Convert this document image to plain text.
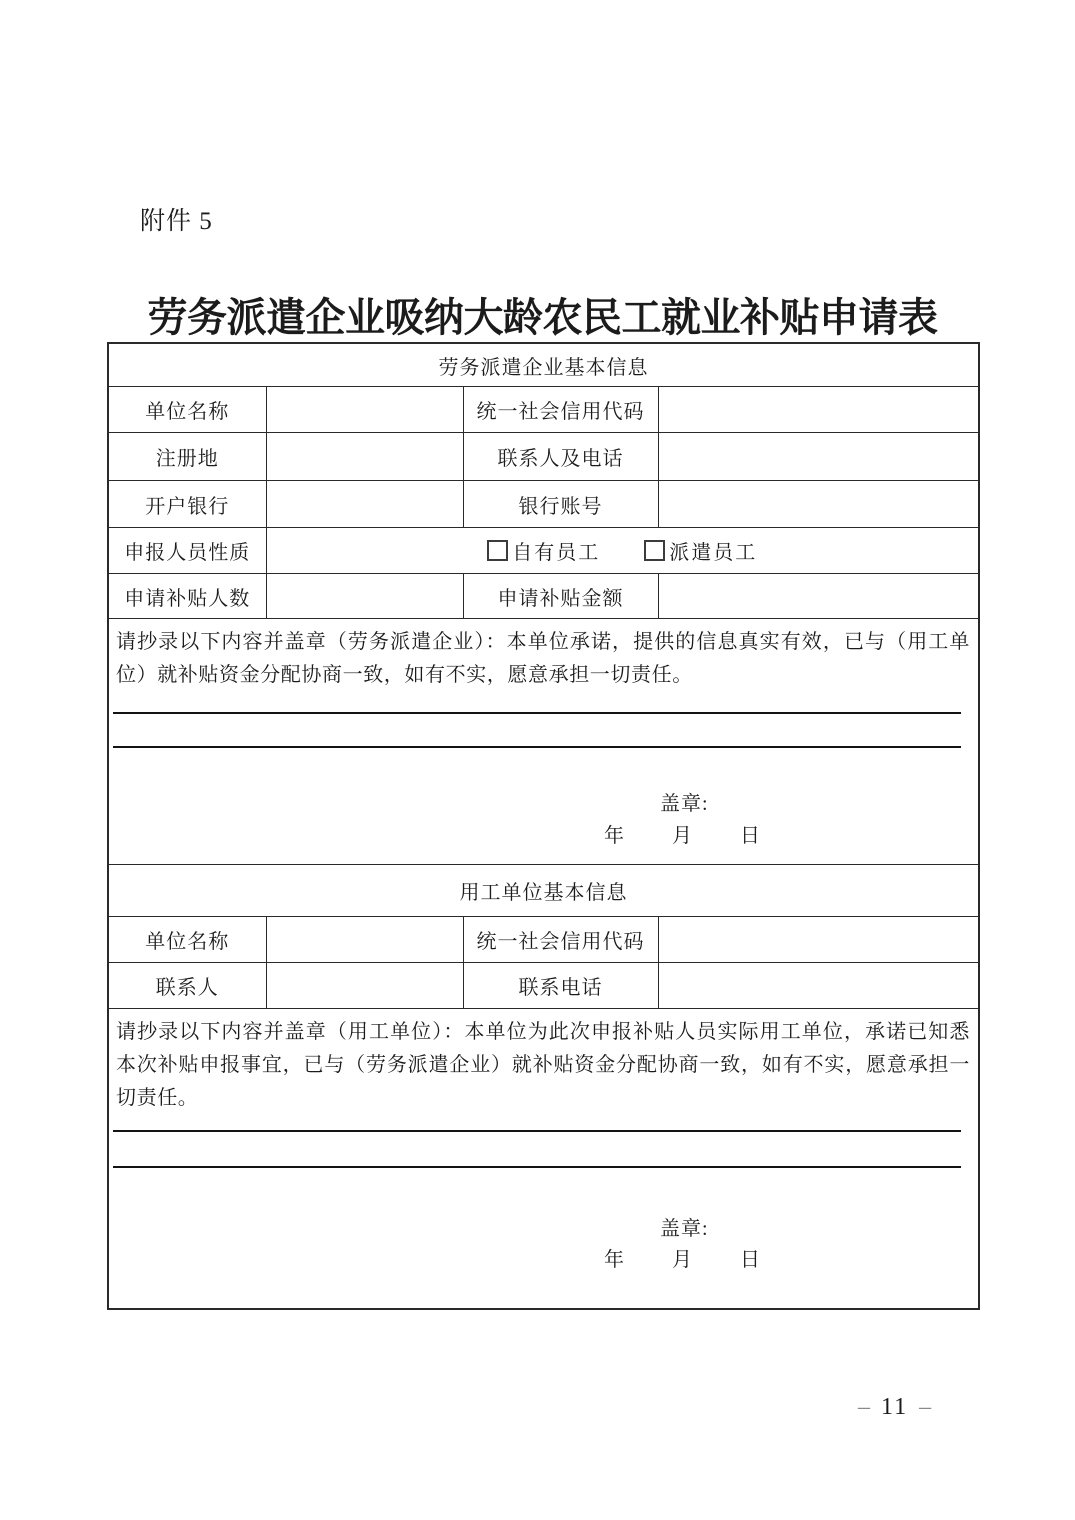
附件 5
劳务派遣企业吸纳大龄农民工就业补贴申请表
劳务派遣企业基本信息			
单位名称		统一社会信用代码	
注册地		联系人及电话	
开户银行		银行账号	
申报人员性质	自有员工 派遣员工		
申请补贴人数		申请补贴金额	

请抄录以下内容并盖章（劳务派遣企业）：本单位承诺，提供的信息真实有效，已与（用工单位）就补贴资金分配协商一致，如有不实，愿意承担一切责任。
盖章:
年 月 日			

用工单位基本信息			
单位名称		统一社会信用代码	
联系人		联系电话	

请抄录以下内容并盖章（用工单位）：本单位为此次申报补贴人员实际用工单位，承诺已知悉本次补贴申报事宜，已与（劳务派遣企业）就补贴资金分配协商一致，如有不实，愿意承担一切责任。
盖章:
年 月 日			
– 11 –
